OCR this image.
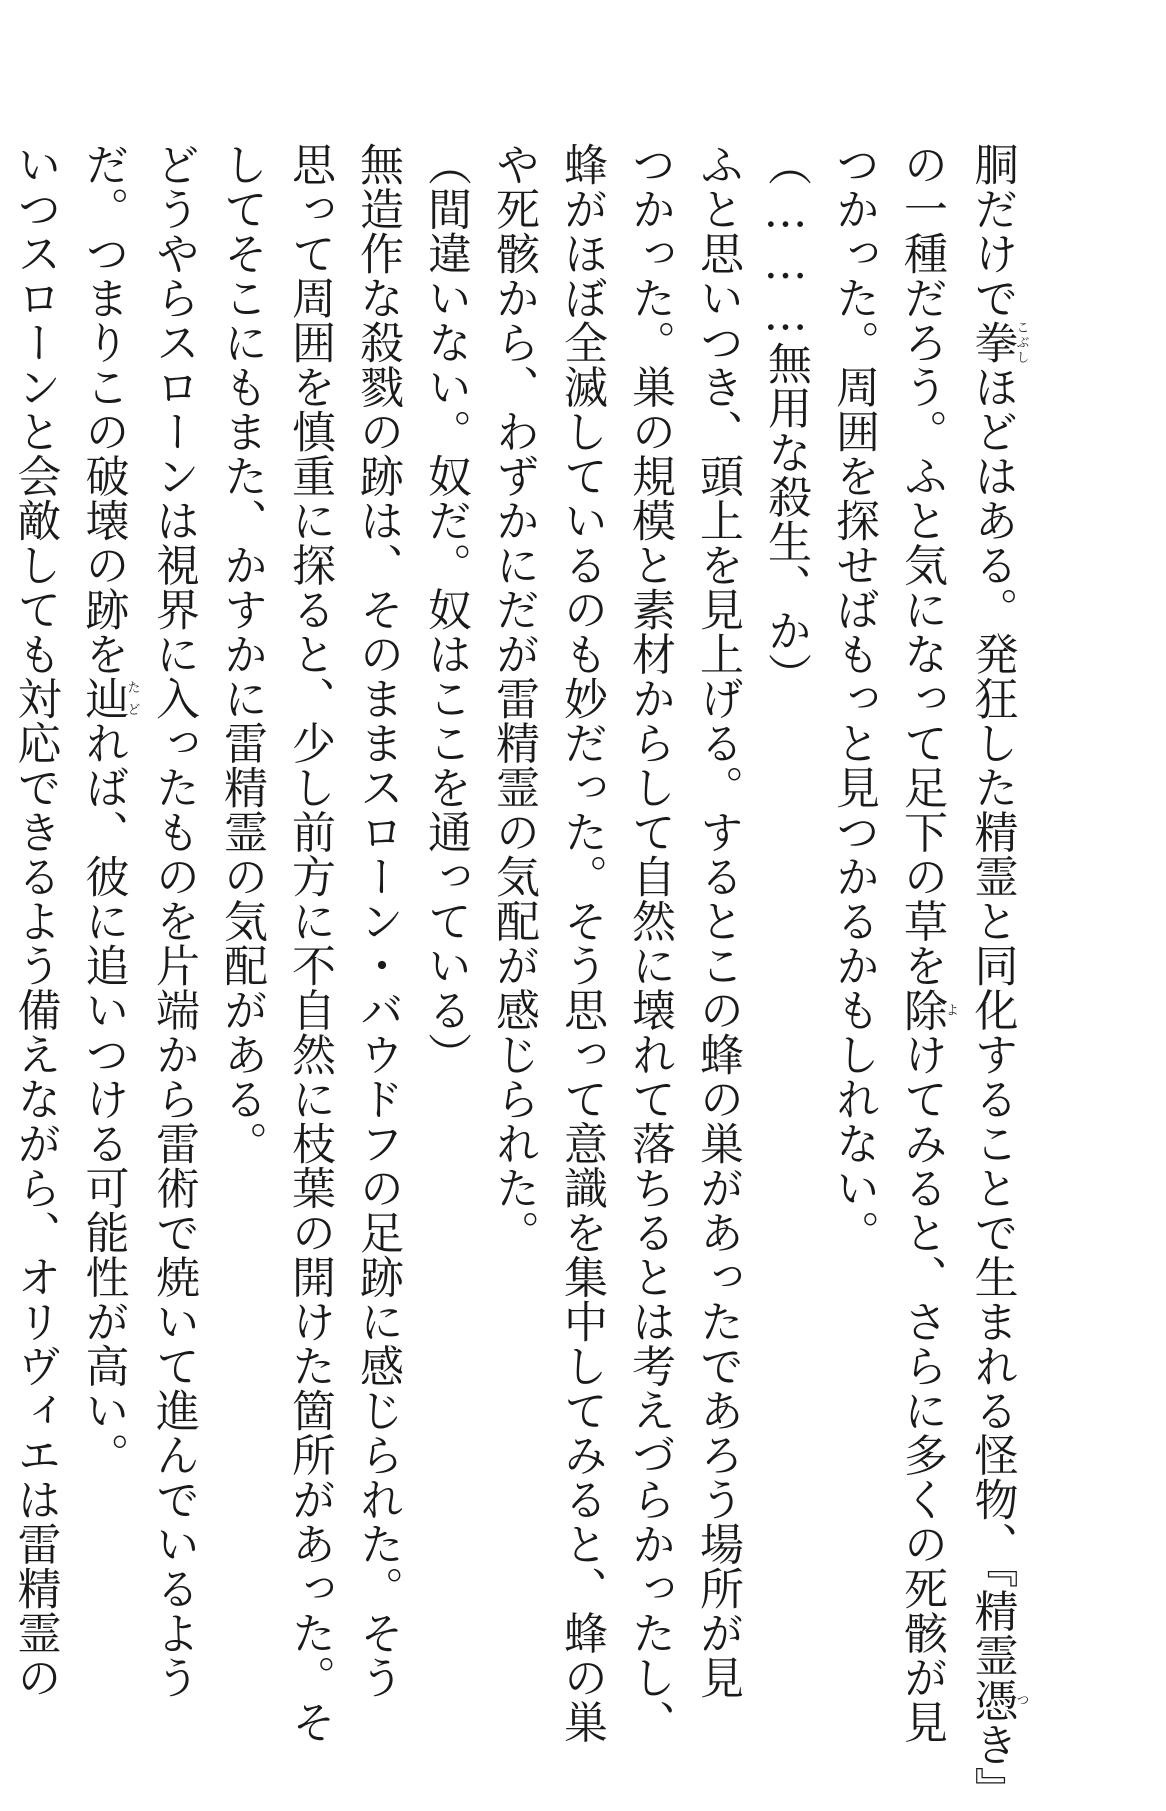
胴だけで拳こぶしほどはある。発狂した精霊と同化することで生まれる怪物、『精霊憑つき』
の一種だろう。ふと気になって足下の草を除よけてみると、さらに多くの死骸が見
つかった。周囲を探せばもっと見つかるかもしれない。
（………無用な殺生、か）
ふと思いつき、頭上を見上げる。するとこの蜂の巣があったであろう場所が見
つかった。巣の規模と素材からして自然に壊れて落ちるとは考えづらかったし、
蜂がほぼ全滅しているのも妙だった。そう思って意識を集中してみると、蜂の巣
や死骸から、わずかにだが雷精霊の気配が感じられた。
（間違いない。奴だ。奴はここを通っている）
無造作な殺戮の跡は、そのままスローン・バウドフの足跡に感じられた。そう
思って周囲を慎重に探ると、少し前方に不自然に枝葉の開けた箇所があった。そ
してそこにもまた、かすかに雷精霊の気配がある。
どうやらスローンは視界に入ったものを片端から雷術で焼いて進んでいるよう
だ。つまりこの破壊の跡を辿たどれば、彼に追いつける可能性が高い。
いつスローンと会敵しても対応できるよう備えながら、オリヴィエは雷精霊の
